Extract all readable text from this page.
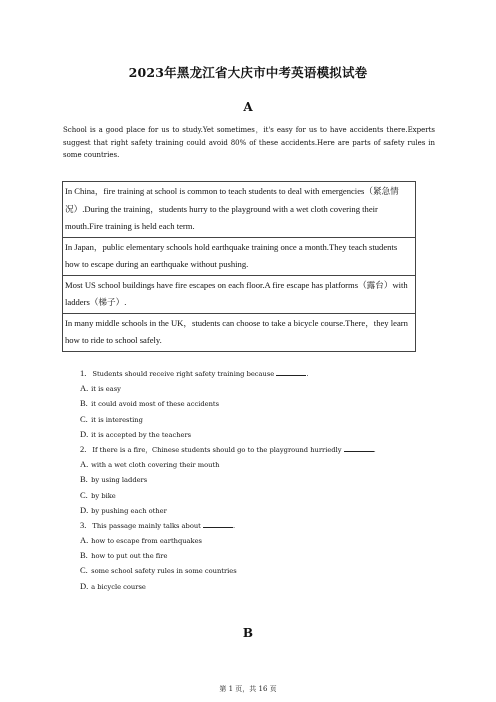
2023年黑龙江省大庆市中考英语模拟试卷
A
School is a good place for us to study.Yet sometimes，it's easy for us to have accidents there.Experts suggest that right safety training could avoid 80% of these accidents.Here are parts of safety rules in some countries.
In China，fire training at school is common to teach students to deal with emergencies（紧急情况）.During the training，students hurry to the playground with a wet cloth covering their mouth.Fire training is held each term.
In Japan，public elementary schools hold earthquake training once a month.They teach students how to escape during an earthquake without pushing.
Most US school buildings have fire escapes on each floor.A fire escape has platforms（露台）with ladders（梯子）.
In many middle schools in the UK，students can choose to take a bicycle course.There，they learn how to ride to school safely.
1. Students should receive right safety training because	.
A. it is easy
B. it could avoid most of these accidents
C. it is interesting
D. it is accepted by the teachers
2. If there is a fire，Chinese students should go to the playground hurriedly	.
A. with a wet cloth covering their mouth
B. by using ladders
C. by bike
D. by pushing each other
3. This passage mainly talks about	.
A. how to escape from earthquakes
B. how to put out the fire
C. some school safety rules in some countries
D. a bicycle course
B
第 1 页，共 16 页
